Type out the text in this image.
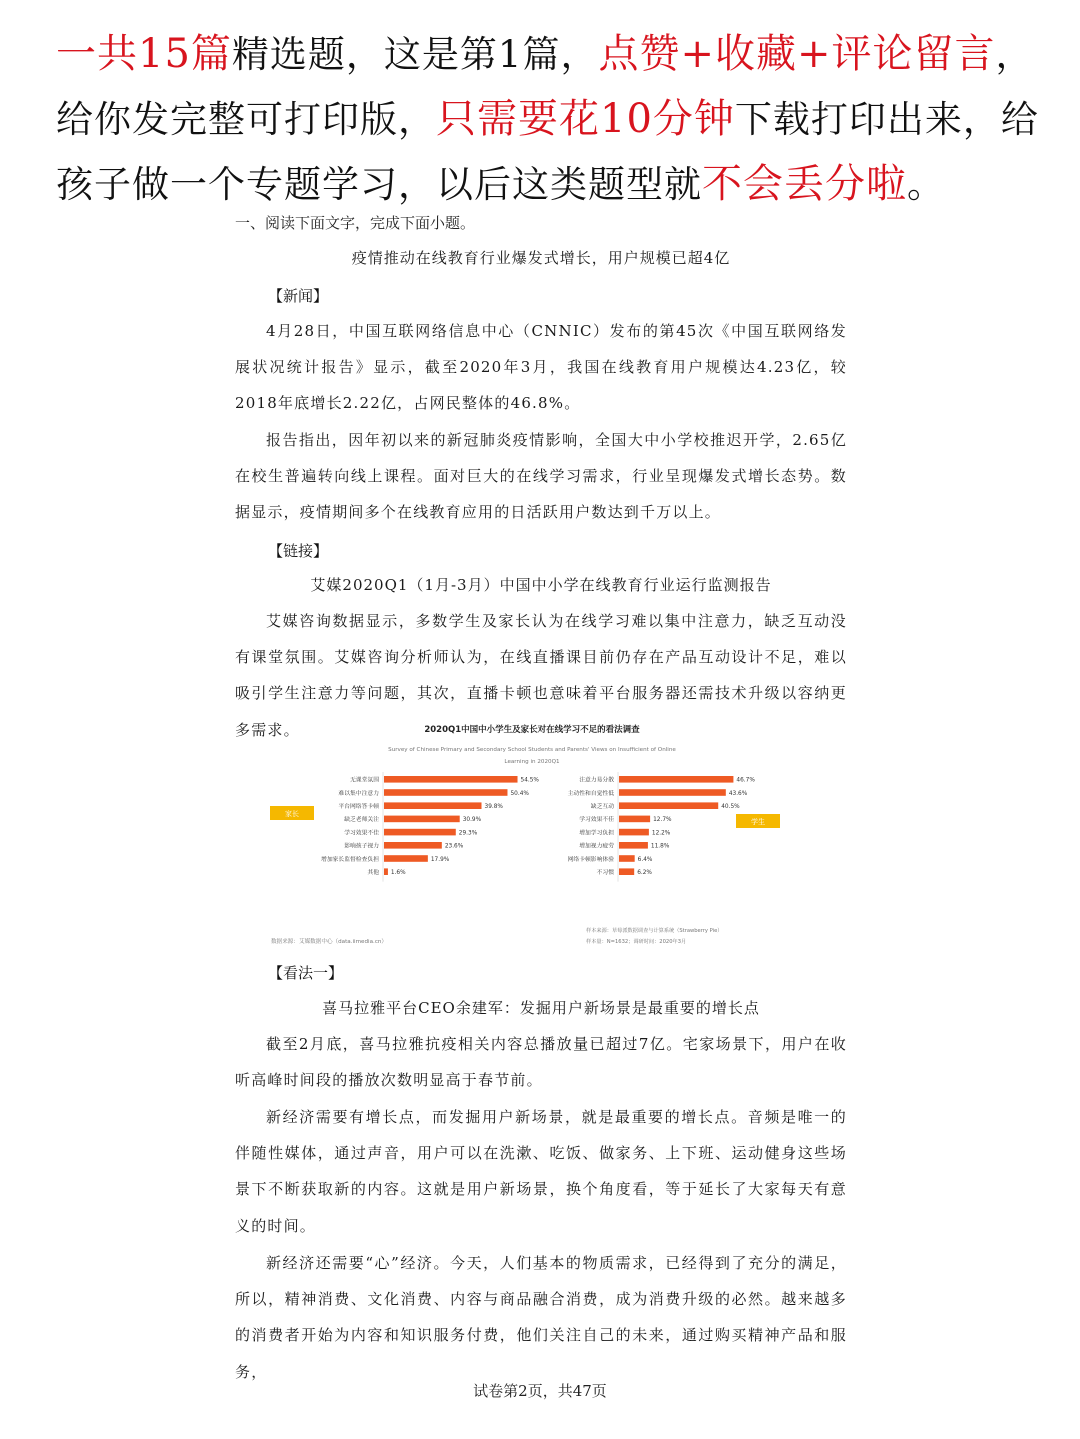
一共15篇精选题，这是第1篇，点赞+收藏+评论留言，给你发完整可打印版，只需要花10分钟下载打印出来，给孩子做一个专题学习，以后这类题型就不会丢分啦。
一、阅读下面文字，完成下面小题。
疫情推动在线教育行业爆发式增长，用户规模已超4亿
【新闻】
4月28日，中国互联网络信息中心（CNNIC）发布的第45次《中国互联网络发展状况统计报告》显示，截至2020年3月，我国在线教育用户规模达4.23亿，较2018年底增长2.22亿，占网民整体的46.8%。
报告指出，因年初以来的新冠肺炎疫情影响，全国大中小学校推迟开学，2.65亿在校生普遍转向线上课程。面对巨大的在线学习需求，行业呈现爆发式增长态势。数据显示，疫情期间多个在线教育应用的日活跃用户数达到千万以上。
【链接】
艾媒2020Q1（1月-3月）中国中小学在线教育行业运行监测报告
艾媒咨询数据显示，多数学生及家长认为在线学习难以集中注意力，缺乏互动没有课堂氛围。艾媒咨询分析师认为，在线直播课目前仍存在产品互动设计不足，难以吸引学生注意力等问题，其次，直播卡顿也意味着平台服务器还需技术升级以容纳更多需求。
【看法一】
喜马拉雅平台CEO余建军：发掘用户新场景是最重要的增长点
截至2月底，喜马拉雅抗疫相关内容总播放量已超过7亿。宅家场景下，用户在收听高峰时间段的播放次数明显高于春节前。
新经济需要有增长点，而发掘用户新场景，就是最重要的增长点。音频是唯一的伴随性媒体，通过声音，用户可以在洗漱、吃饭、做家务、上下班、运动健身这些场景下不断获取新的内容。这就是用户新场景，换个角度看，等于延长了大家每天有意义的时间。
新经济还需要“心”经济。今天，人们基本的物质需求，已经得到了充分的满足，所以，精神消费、文化消费、内容与商品融合消费，成为消费升级的必然。越来越多的消费者开始为内容和知识服务付费，他们关注自己的未来，通过购买精神产品和服务，
2020Q1中国中小学生及家长对在线学习不足的看法调查
Survey of Chinese Primary and Secondary School Students and Parents' Views on Insufficient of Online
Learning in 2020Q1
无课堂氛围	54.5%
难以集中注意力	50.4%
平台网络答卡顿	39.8%
缺乏老师关注	30.9%
学习效果不佳	29.3%
影响孩子视力	23.6%
增加家长监督检查负担	17.9%
其他 1.6%
家长
注意力易分散	46.7%
主动性和自觉性低	43.6%
缺乏互动	40.5%
学习效果不佳	12.7%
增加学习负担	12.2%
增加视力疲劳	11.8%
网络卡顿影响体验	6.4%
不习惯	6.2%
学生
数据来源：艾媒数据中心（data.iimedia.cn）
样本来源：草莓派数据调查与计算系统（Strawberry Pie）
样本量：N=1632；调研时间：2020年3月
试卷第2页，共47页
